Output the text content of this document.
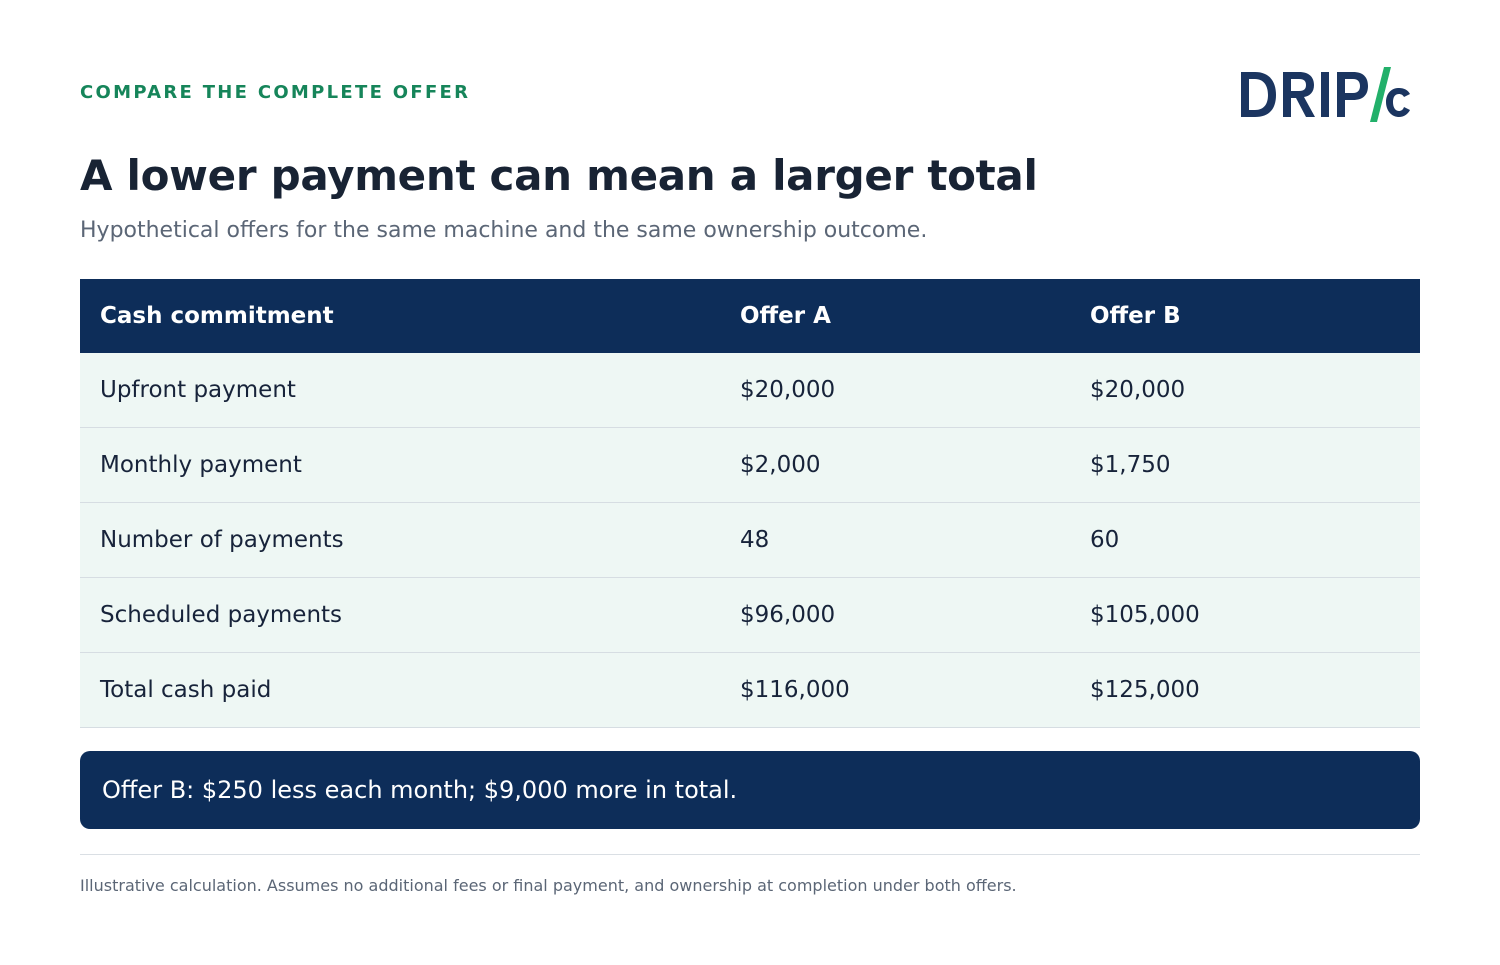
COMPARE THE COMPLETE OFFER
A lower payment can mean a larger total
Hypothetical offers for the same machine and the same ownership outcome.
Cash commitment	Offer A	Offer B
Upfront payment	$20,000	$20,000
Monthly payment	$2,000	$1,750
Number of payments	48	60
Scheduled payments	$96,000	$105,000
Total cash paid	$116,000	$125,000
Offer B: $250 less each month; $9,000 more in total.
Illustrative calculation. Assumes no additional fees or final payment, and ownership at completion under both offers.
